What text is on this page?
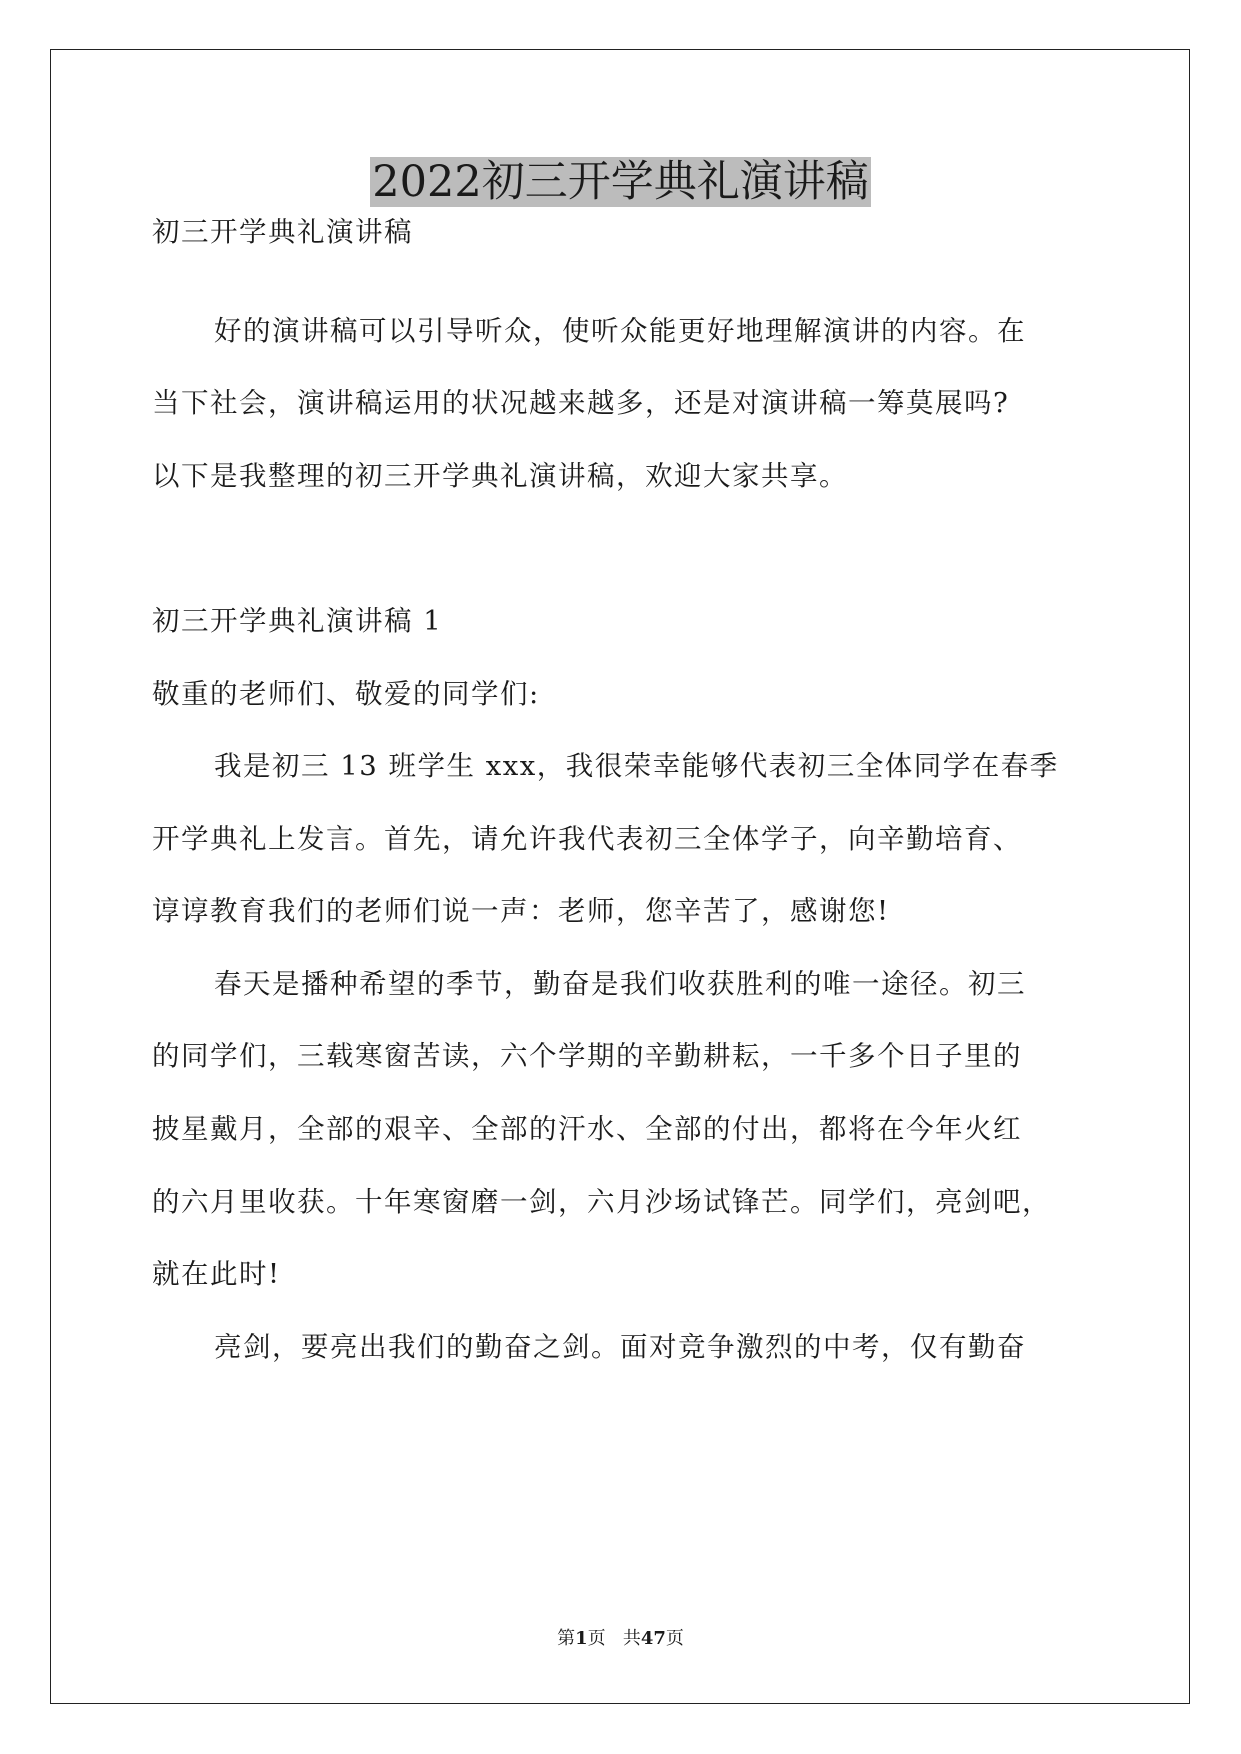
2022初三开学典礼演讲稿

初三开学典礼演讲稿

好的演讲稿可以引导听众，使听众能更好地理解演讲的内容。在

当下社会，演讲稿运用的状况越来越多，还是对演讲稿一筹莫展吗?

以下是我整理的初三开学典礼演讲稿，欢迎大家共享。

初三开学典礼演讲稿 1

敬重的老师们、敬爱的同学们:

我是初三 13 班学生 xxx，我很荣幸能够代表初三全体同学在春季

开学典礼上发言。首先，请允许我代表初三全体学子，向辛勤培育、

谆谆教育我们的老师们说一声：老师，您辛苦了，感谢您!

春天是播种希望的季节，勤奋是我们收获胜利的唯一途径。初三

的同学们，三载寒窗苦读，六个学期的辛勤耕耘，一千多个日子里的

披星戴月，全部的艰辛、全部的汗水、全部的付出，都将在今年火红

的六月里收获。十年寒窗磨一剑，六月沙场试锋芒。同学们，亮剑吧，

就在此时!

亮剑，要亮出我们的勤奋之剑。面对竞争激烈的中考，仅有勤奋

第1页 共47页
